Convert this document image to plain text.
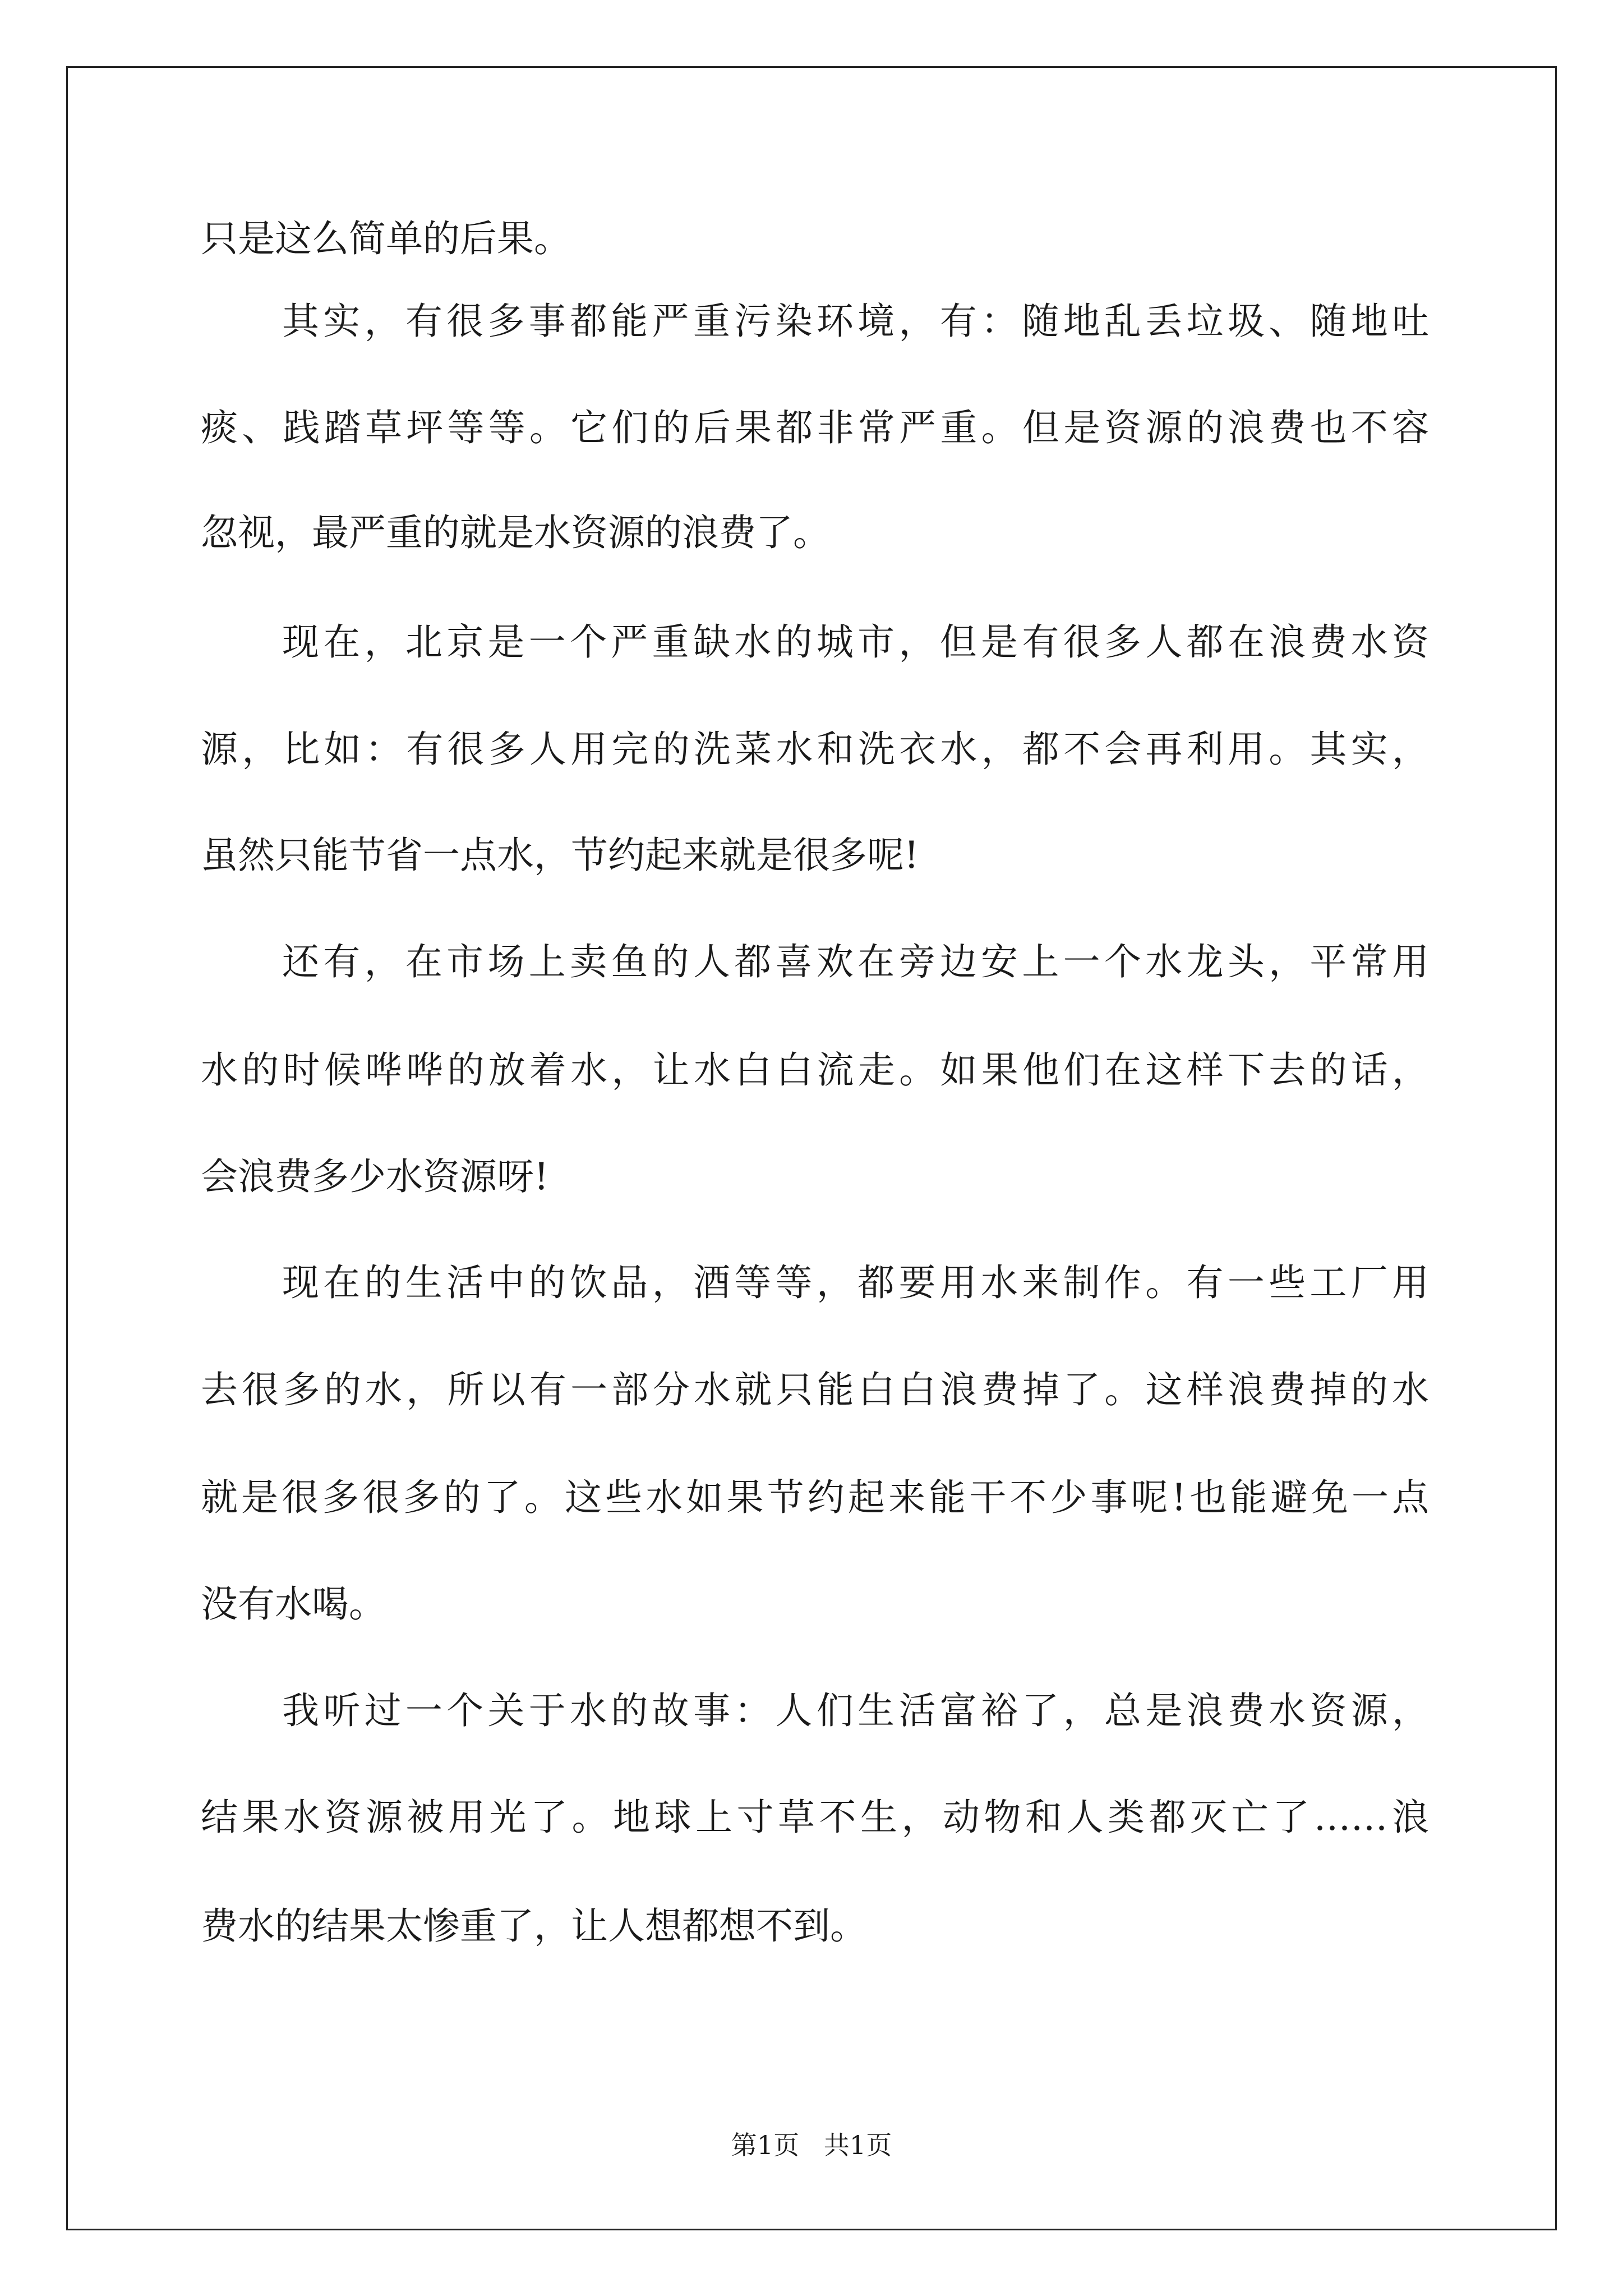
只是这么简单的后果。
其实，有很多事都能严重污染环境，有：随地乱丢垃圾、随地吐
痰、践踏草坪等等。它们的后果都非常严重。但是资源的浪费也不容
忽视，最严重的就是水资源的浪费了。
现在，北京是一个严重缺水的城市，但是有很多人都在浪费水资
源，比如：有很多人用完的洗菜水和洗衣水，都不会再利用。其实，
虽然只能节省一点水，节约起来就是很多呢!
还有，在市场上卖鱼的人都喜欢在旁边安上一个水龙头，平常用
水的时候哗哗的放着水，让水白白流走。如果他们在这样下去的话，
会浪费多少水资源呀!
现在的生活中的饮品，酒等等，都要用水来制作。有一些工厂用
去很多的水，所以有一部分水就只能白白浪费掉了。这样浪费掉的水
就是很多很多的了。这些水如果节约起来能干不少事呢!也能避免一点
没有水喝。
我听过一个关于水的故事：人们生活富裕了，总是浪费水资源，
结果水资源被用光了。地球上寸草不生，动物和人类都灭亡了……浪
费水的结果太惨重了，让人想都想不到。
第1页   共1页
